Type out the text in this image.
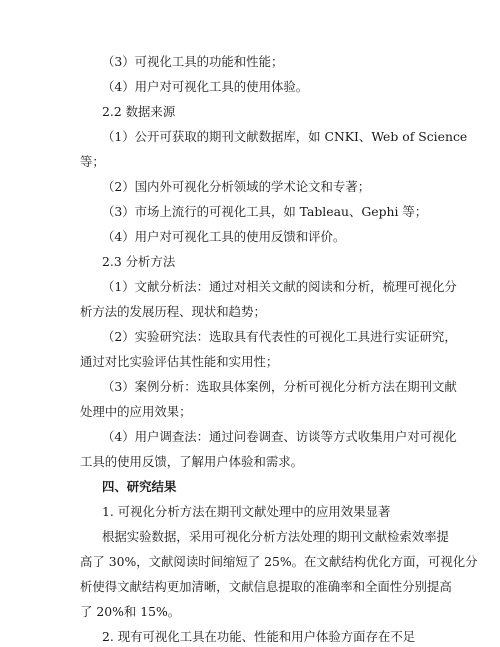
（3）可视化工具的功能和性能；
（4）用户对可视化工具的使用体验。
2.2 数据来源
（1）公开可获取的期刊文献数据库，如 CNKI、Web of Science
等；
（2）国内外可视化分析领域的学术论文和专著；
（3）市场上流行的可视化工具，如 Tableau、Gephi 等；
（4）用户对可视化工具的使用反馈和评价。
2.3 分析方法
（1）文献分析法：通过对相关文献的阅读和分析，梳理可视化分
析方法的发展历程、现状和趋势；
（2）实验研究法：选取具有代表性的可视化工具进行实证研究，
通过对比实验评估其性能和实用性；
（3）案例分析：选取具体案例，分析可视化分析方法在期刊文献
处理中的应用效果；
（4）用户调查法：通过问卷调查、访谈等方式收集用户对可视化
工具的使用反馈，了解用户体验和需求。
四、研究结果
1. 可视化分析方法在期刊文献处理中的应用效果显著
根据实验数据，采用可视化分析方法处理的期刊文献检索效率提
高了 30%，文献阅读时间缩短了 25%。在文献结构优化方面，可视化分
析使得文献结构更加清晰，文献信息提取的准确率和全面性分别提高
了 20%和 15%。
2. 现有可视化工具在功能、性能和用户体验方面存在不足
